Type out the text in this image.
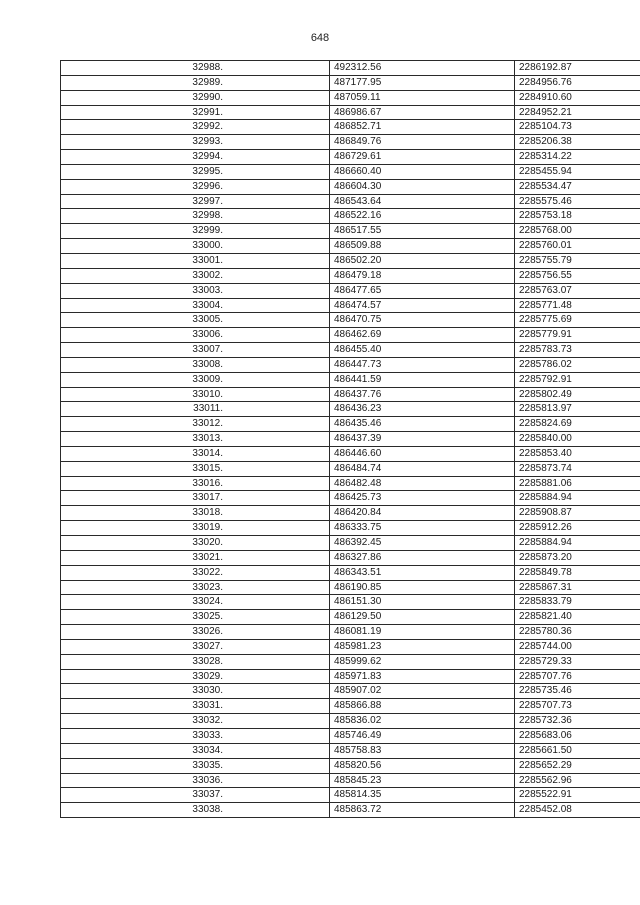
648
32988.	492312.56	2286192.87
32989.	487177.95	2284956.76
32990.	487059.11	2284910.60
32991.	486986.67	2284952.21
32992.	486852.71	2285104.73
32993.	486849.76	2285206.38
32994.	486729.61	2285314.22
32995.	486660.40	2285455.94
32996.	486604.30	2285534.47
32997.	486543.64	2285575.46
32998.	486522.16	2285753.18
32999.	486517.55	2285768.00
33000.	486509.88	2285760.01
33001.	486502.20	2285755.79
33002.	486479.18	2285756.55
33003.	486477.65	2285763.07
33004.	486474.57	2285771.48
33005.	486470.75	2285775.69
33006.	486462.69	2285779.91
33007.	486455.40	2285783.73
33008.	486447.73	2285786.02
33009.	486441.59	2285792.91
33010.	486437.76	2285802.49
33011.	486436.23	2285813.97
33012.	486435.46	2285824.69
33013.	486437.39	2285840.00
33014.	486446.60	2285853.40
33015.	486484.74	2285873.74
33016.	486482.48	2285881.06
33017.	486425.73	2285884.94
33018.	486420.84	2285908.87
33019.	486333.75	2285912.26
33020.	486392.45	2285884.94
33021.	486327.86	2285873.20
33022.	486343.51	2285849.78
33023.	486190.85	2285867.31
33024.	486151.30	2285833.79
33025.	486129.50	2285821.40
33026.	486081.19	2285780.36
33027.	485981.23	2285744.00
33028.	485999.62	2285729.33
33029.	485971.83	2285707.76
33030.	485907.02	2285735.46
33031.	485866.88	2285707.73
33032.	485836.02	2285732.36
33033.	485746.49	2285683.06
33034.	485758.83	2285661.50
33035.	485820.56	2285652.29
33036.	485845.23	2285562.96
33037.	485814.35	2285522.91
33038.	485863.72	2285452.08
